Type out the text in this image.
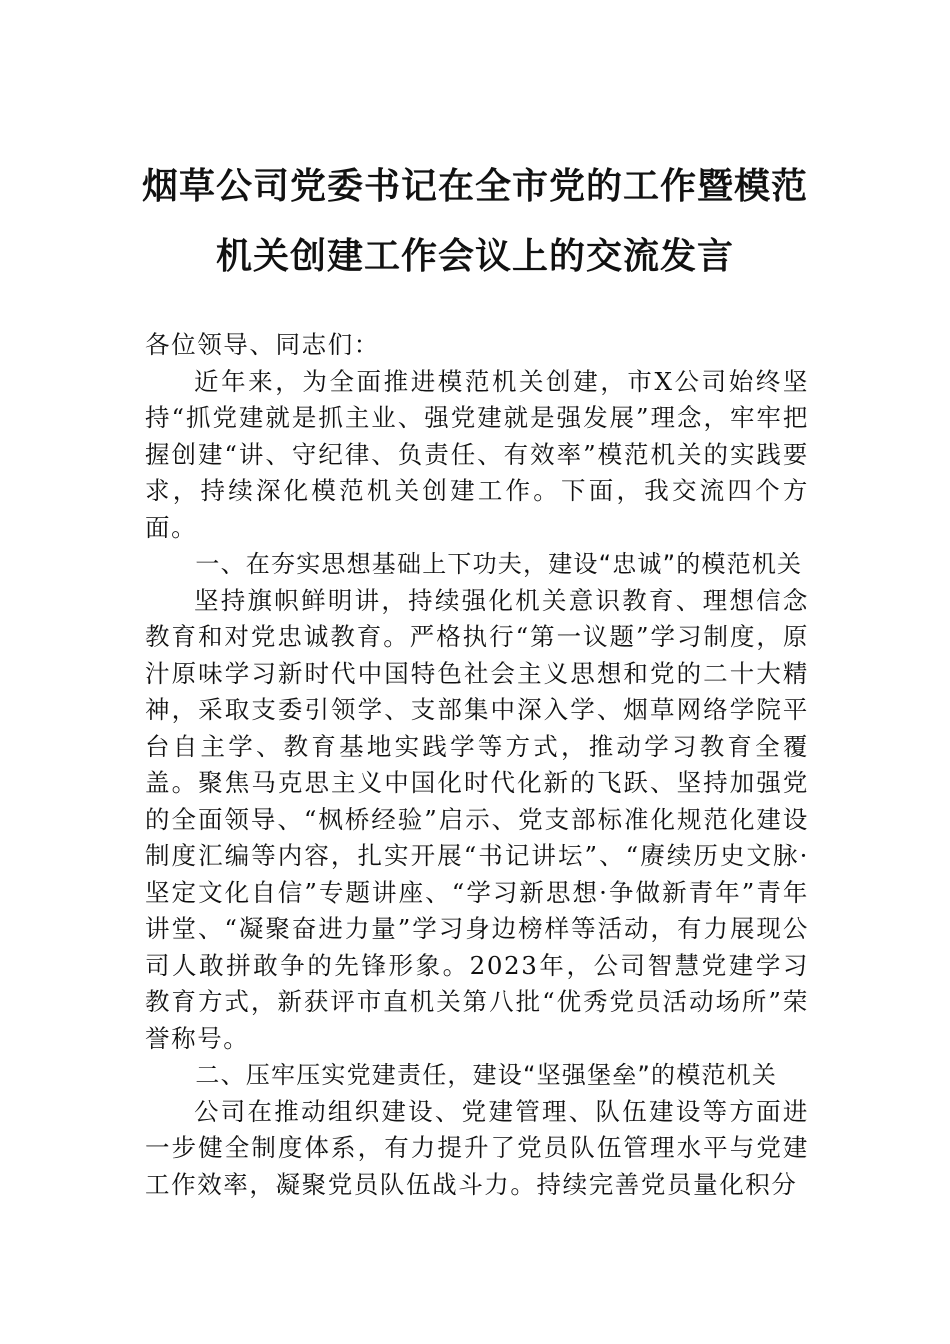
烟草公司党委书记在全市党的工作暨模范
机关创建工作会议上的交流发言

各位领导、同志们：

近年来，为全面推进模范机关创建，市X公司始终坚持“抓党建就是抓主业、强党建就是强发展”理念，牢牢把握创建“讲、守纪律、负责任、有效率”模范机关的实践要求，持续深化模范机关创建工作。下面，我交流四个方面。

一、在夯实思想基础上下功夫，建设“忠诚”的模范机关

坚持旗帜鲜明讲，持续强化机关意识教育、理想信念教育和对党忠诚教育。严格执行“第一议题”学习制度，原汁原味学习新时代中国特色社会主义思想和党的二十大精神，采取支委引领学、支部集中深入学、烟草网络学院平台自主学、教育基地实践学等方式，推动学习教育全覆盖。聚焦马克思主义中国化时代化新的飞跃、坚持加强党的全面领导、“枫桥经验”启示、党支部标准化规范化建设制度汇编等内容，扎实开展“书记讲坛”、“赓续历史文脉·坚定文化自信”专题讲座、“学习新思想·争做新青年”青年讲堂、“凝聚奋进力量”学习身边榜样等活动，有力展现公司人敢拼敢争的先锋形象。2023年，公司智慧党建学习教育方式，新获评市直机关第八批“优秀党员活动场所”荣誉称号。

二、压牢压实党建责任，建设“坚强堡垒”的模范机关

公司在推动组织建设、党建管理、队伍建设等方面进一步健全制度体系，有力提升了党员队伍管理水平与党建工作效率，凝聚党员队伍战斗力。持续完善党员量化积分
